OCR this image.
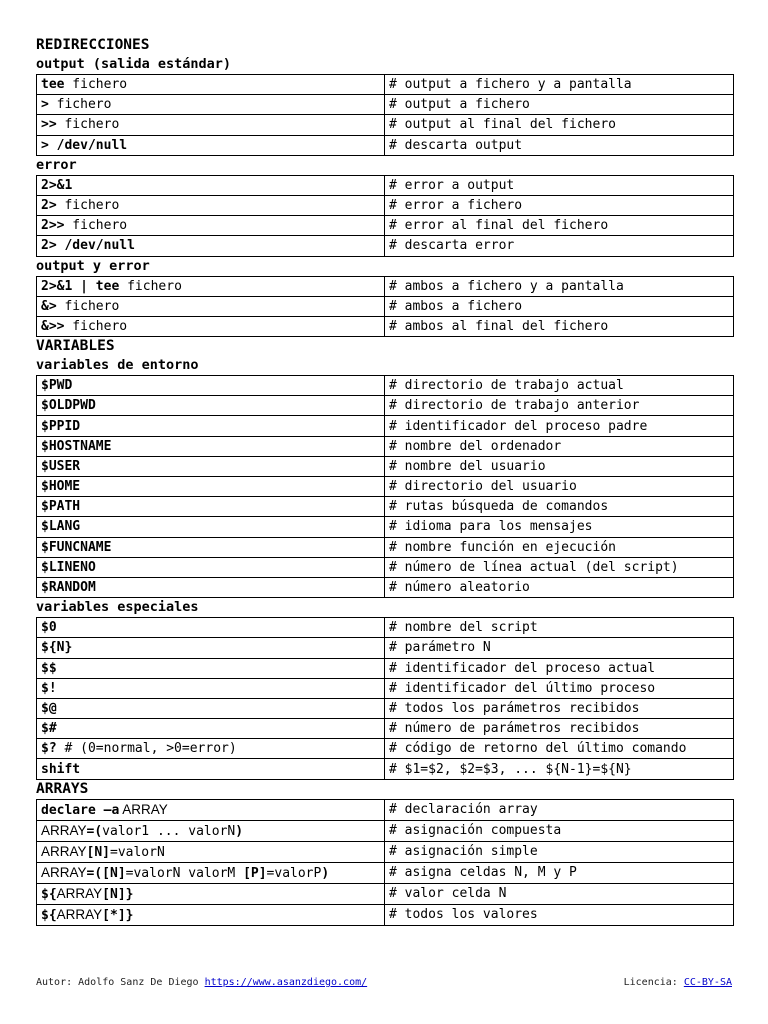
REDIRECCIONES
output (salida estándar)
tee fichero	# output a fichero y a pantalla
> fichero	# output a fichero
>> fichero	# output al final del fichero
> /dev/null	# descarta output
error
2>&1	# error a output
2> fichero	# error a fichero
2>> fichero	# error al final del fichero
2> /dev/null	# descarta error
output y error
2>&1 | tee fichero	# ambos a fichero y a pantalla
&> fichero	# ambos a fichero
&>> fichero	# ambos al final del fichero
VARIABLES
variables de entorno
$PWD	# directorio de trabajo actual
$OLDPWD	# directorio de trabajo anterior
$PPID	# identificador del proceso padre
$HOSTNAME	# nombre del ordenador
$USER	# nombre del usuario
$HOME	# directorio del usuario
$PATH	# rutas búsqueda de comandos
$LANG	# idioma para los mensajes
$FUNCNAME	# nombre función en ejecución
$LINENO	# número de línea actual (del script)
$RANDOM	# número aleatorio
variables especiales
$0	# nombre del script
${N}	# parámetro N
$$	# identificador del proceso actual
$!	# identificador del último proceso
$@	# todos los parámetros recibidos
$#	# número de parámetros recibidos
$? # (0=normal, >0=error)	# código de retorno del último comando
shift	# $1=$2, $2=$3, ... ${N-1}=${N}
ARRAYS
declare –a ARRAY	# declaración array
ARRAY=(valor1 ... valorN)	# asignación compuesta
ARRAY[N]=valorN	# asignación simple
ARRAY=([N]=valorN valorM [P]=valorP)	# asigna celdas N, M y P
${ARRAY[N]}	# valor celda N
${ARRAY[*]}	# todos los valores
Autor: Adolfo Sanz De Diego https://www.asanzdiego.com/	Licencia: CC-BY-SA
